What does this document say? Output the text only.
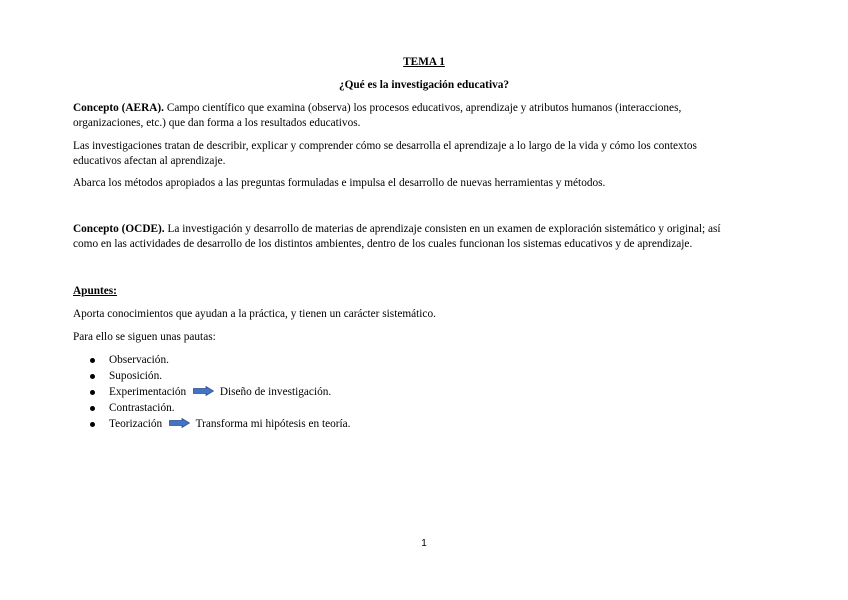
TEMA 1
¿Qué es la investigación educativa?
Concepto (AERA). Campo científico que examina (observa) los procesos educativos, aprendizaje y atributos humanos (interacciones,
organizaciones, etc.) que dan forma a los resultados educativos.
Las investigaciones tratan de describir, explicar y comprender cómo se desarrolla el aprendizaje a lo largo de la vida y cómo los contextos
educativos afectan al aprendizaje.
Abarca los métodos apropiados a las preguntas formuladas e impulsa el desarrollo de nuevas herramientas y métodos.
Concepto (OCDE). La investigación y desarrollo de materias de aprendizaje consisten en un examen de exploración sistemático y original; así
como en las actividades de desarrollo de los distintos ambientes, dentro de los cuales funcionan los sistemas educativos y de aprendizaje.
Apuntes:
Aporta conocimientos que ayudan a la práctica, y tienen un carácter sistemático.
Para ello se siguen unas pautas:
Observación.
Suposición.
Experimentación	Diseño de investigación.
Contrastación.
Teorización	Transforma mi hipótesis en teoría.
1
